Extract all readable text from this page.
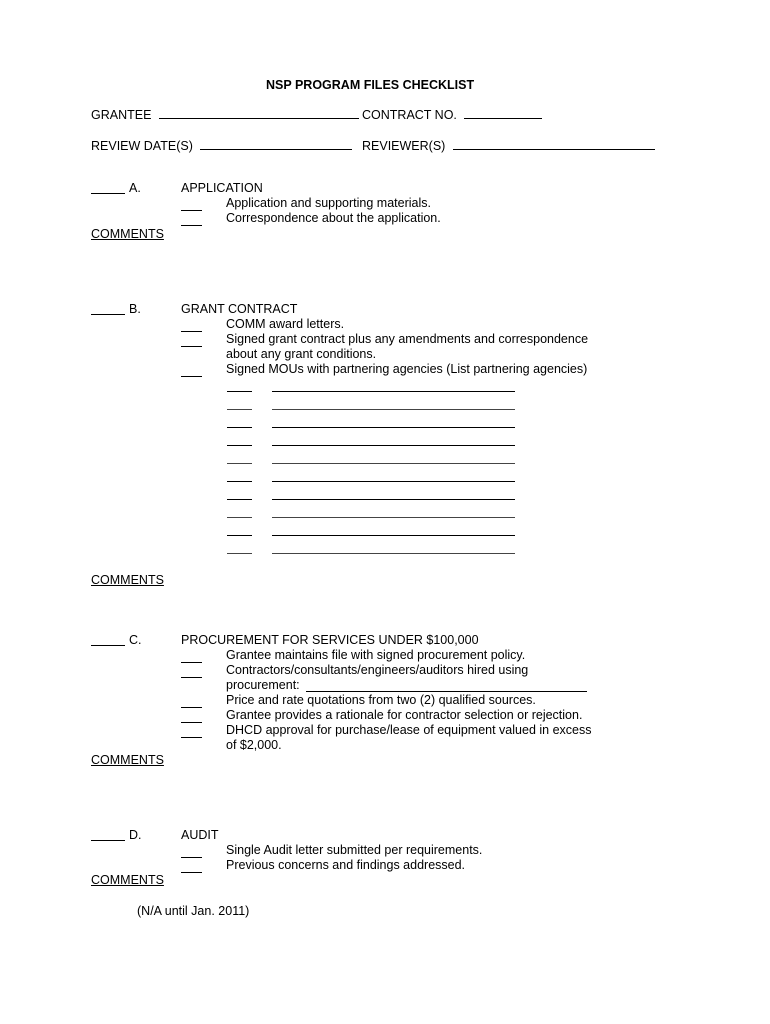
NSP PROGRAM FILES CHECKLIST
GRANTEE	CONTRACT NO.
REVIEW DATE(S)	REVIEWER(S)
A.	APPLICATION
Application and supporting materials.
Correspondence about the application.
COMMENTS
B.	GRANT CONTRACT
COMM award letters.
Signed grant contract plus any amendments and correspondence
about any grant conditions.
Signed MOUs with partnering agencies (List partnering agencies)
COMMENTS
C.	PROCUREMENT FOR SERVICES UNDER $100,000
Grantee maintains file with signed procurement policy.
Contractors/consultants/engineers/auditors hired using
procurement:
Price and rate quotations from two (2) qualified sources.
Grantee provides a rationale for contractor selection or rejection.
DHCD approval for purchase/lease of equipment valued in excess
of $2,000.
COMMENTS
D.	AUDIT
Single Audit letter submitted per requirements.
Previous concerns and findings addressed.
COMMENTS
(N/A until Jan. 2011)
